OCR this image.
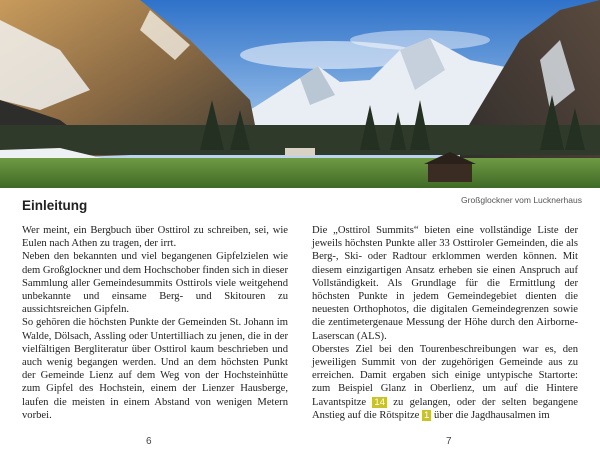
Großglockner vom Lucknerhaus
Einleitung

Wer meint, ein Bergbuch über Osttirol zu schreiben, sei, wie Eulen nach Athen zu tragen, der irrt.

Neben den bekannten und viel begangenen Gipfelzielen wie dem Großglockner und dem Hochschober finden sich in dieser Sammlung aller Gemeindesummits Osttirols viele weitgehend unbekannte und einsame Berg- und Skitouren zu aussichtsreichen Gipfeln.

So gehören die höchsten Punkte der Gemeinden St. Johann im Walde, Dölsach, Assling oder Untertilliach zu jenen, die in der vielfältigen Bergliteratur über Osttirol kaum beschrieben und auch wenig begangen werden. Und an dem höchsten Punkt der Gemeinde Lienz auf dem Weg von der Hochsteinhütte zum Gipfel des Hochstein, einem der Lienzer Hausberge, laufen die meisten in einem Abstand von wenigen Metern vorbei.

Die „Osttirol Summits“ bieten eine vollständige Liste der jeweils höchsten Punkte aller 33 Osttiroler Gemeinden, die als Berg-, Ski- oder Radtour erklommen werden können. Mit diesem einzigartigen Ansatz erheben sie einen Anspruch auf Vollständigkeit. Als Grundlage für die Ermittlung der höchsten Punkte in jedem Gemeindegebiet dienten die neuesten Orthophotos, die digitalen Gemeindegrenzen sowie die zentimetergenaue Messung der Höhe durch den Airborne-Laserscan (ALS).

Oberstes Ziel bei den Tourenbeschreibungen war es, den jeweiligen Summit von der zugehörigen Gemeinde aus zu erreichen. Damit ergaben sich einige untypische Startorte: zum Beispiel Glanz in Oberlienz, um auf die Hintere Lavantspitze 14 zu gelangen, oder der selten begangene Anstieg auf die Rötspitze 1 über die Jagdhausalmen im

6	7
